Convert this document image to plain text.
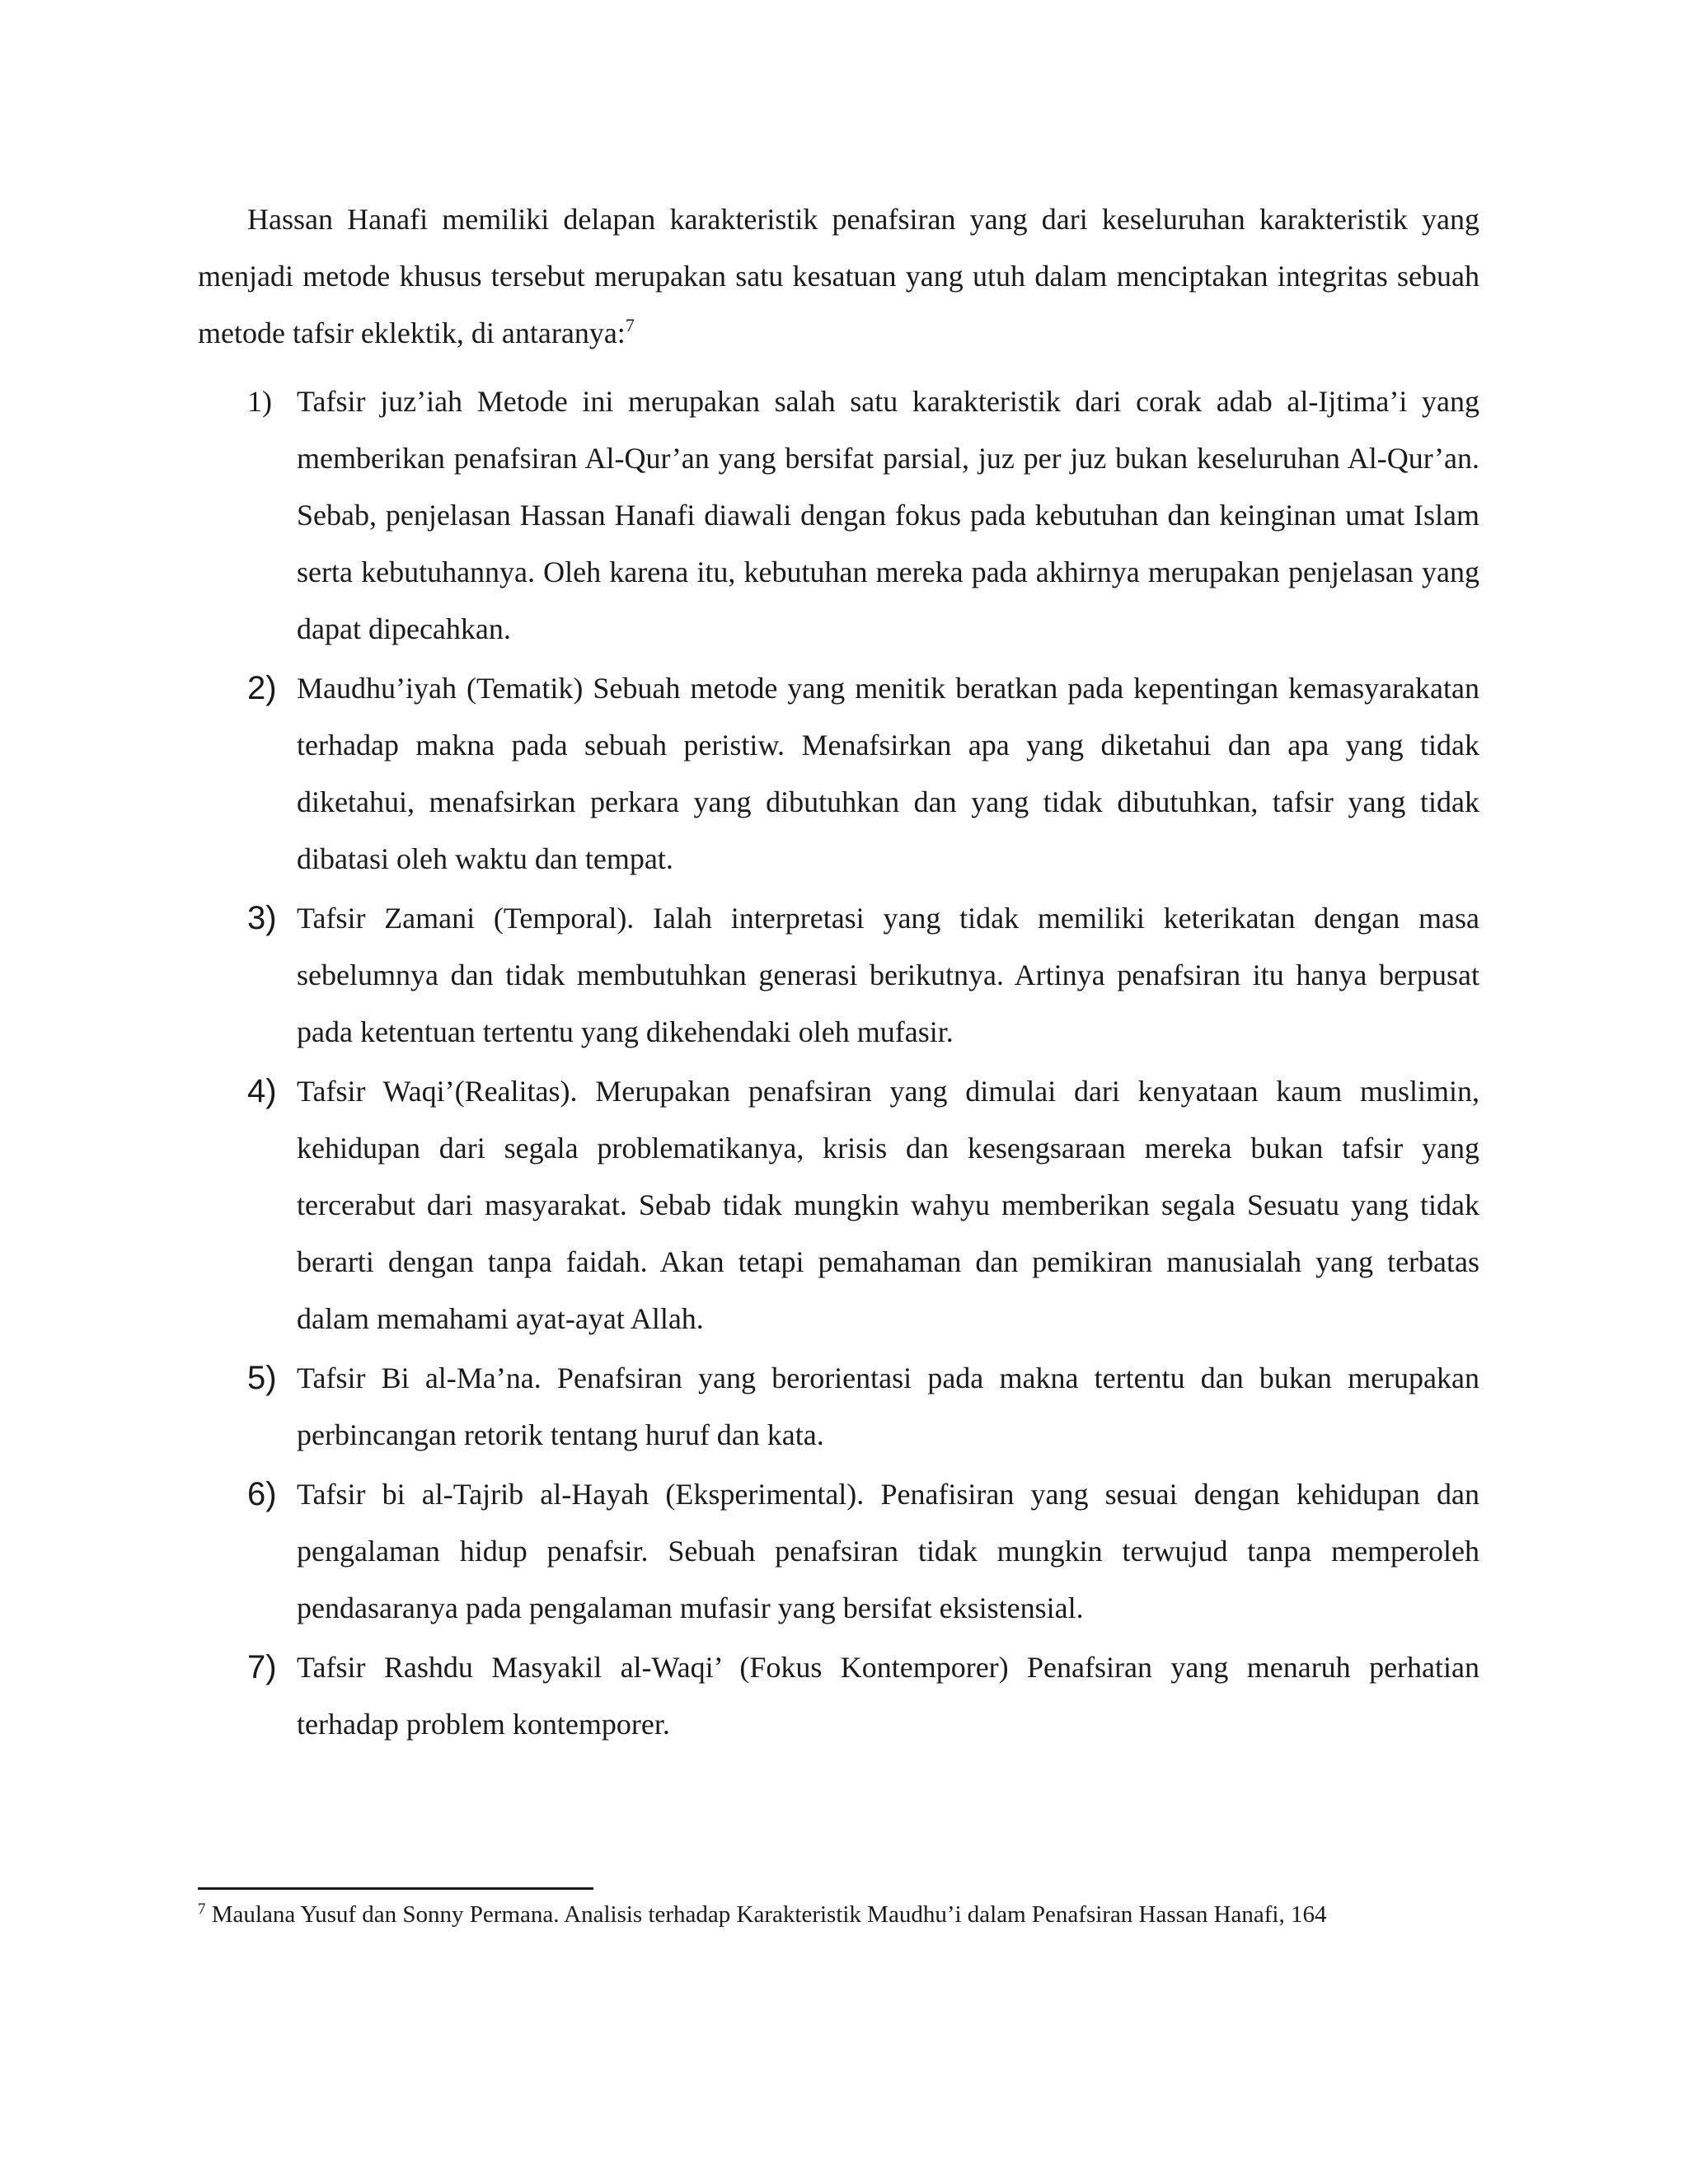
Hassan Hanafi memiliki delapan karakteristik penafsiran yang dari keseluruhan karakteristik yang menjadi metode khusus tersebut merupakan satu kesatuan yang utuh dalam menciptakan integritas sebuah metode tafsir eklektik, di antaranya:$^7$

1) Tafsir juz’iah Metode ini merupakan salah satu karakteristik dari corak adab al-Ijtima’i yang memberikan penafsiran Al-Qur’an yang bersifat parsial, juz per juz bukan keseluruhan Al-Qur’an. Sebab, penjelasan Hassan Hanafi diawali dengan fokus pada kebutuhan dan keinginan umat Islam serta kebutuhannya. Oleh karena itu, kebutuhan mereka pada akhirnya merupakan penjelasan yang dapat dipecahkan.
2) Maudhu’iyah (Tematik) Sebuah metode yang menitik beratkan pada kepentingan kemasyarakatan terhadap makna pada sebuah peristiw. Menafsirkan apa yang diketahui dan apa yang tidak diketahui, menafsirkan perkara yang dibutuhkan dan yang tidak dibutuhkan, tafsir yang tidak dibatasi oleh waktu dan tempat.
3) Tafsir Zamani (Temporal). Ialah interpretasi yang tidak memiliki keterikatan dengan masa sebelumnya dan tidak membutuhkan generasi berikutnya. Artinya penafsiran itu hanya berpusat pada ketentuan tertentu yang dikehendaki oleh mufasir.
4) Tafsir Waqi’(Realitas). Merupakan penafsiran yang dimulai dari kenyataan kaum muslimin, kehidupan dari segala problematikanya, krisis dan kesengsaraan mereka bukan tafsir yang tercerabut dari masyarakat. Sebab tidak mungkin wahyu memberikan segala Sesuatu yang tidak berarti dengan tanpa faidah. Akan tetapi pemahaman dan pemikiran manusialah yang terbatas dalam memahami ayat-ayat Allah.
5) Tafsir Bi al-Ma’na. Penafsiran yang berorientasi pada makna tertentu dan bukan merupakan perbincangan retorik tentang huruf dan kata.
6) Tafsir bi al-Tajrib al-Hayah (Eksperimental). Penafisiran yang sesuai dengan kehidupan dan pengalaman hidup penafsir. Sebuah penafsiran tidak mungkin terwujud tanpa memperoleh pendasaranya pada pengalaman mufasir yang bersifat eksistensial.
7) Tafsir Rashdu Masyakil al-Waqi’ (Fokus Kontemporer) Penafsiran yang menaruh perhatian terhadap problem kontemporer.
$^7$ Maulana Yusuf dan Sonny Permana. Analisis terhadap Karakteristik Maudhu’i dalam Penafsiran Hassan Hanafi, 164
